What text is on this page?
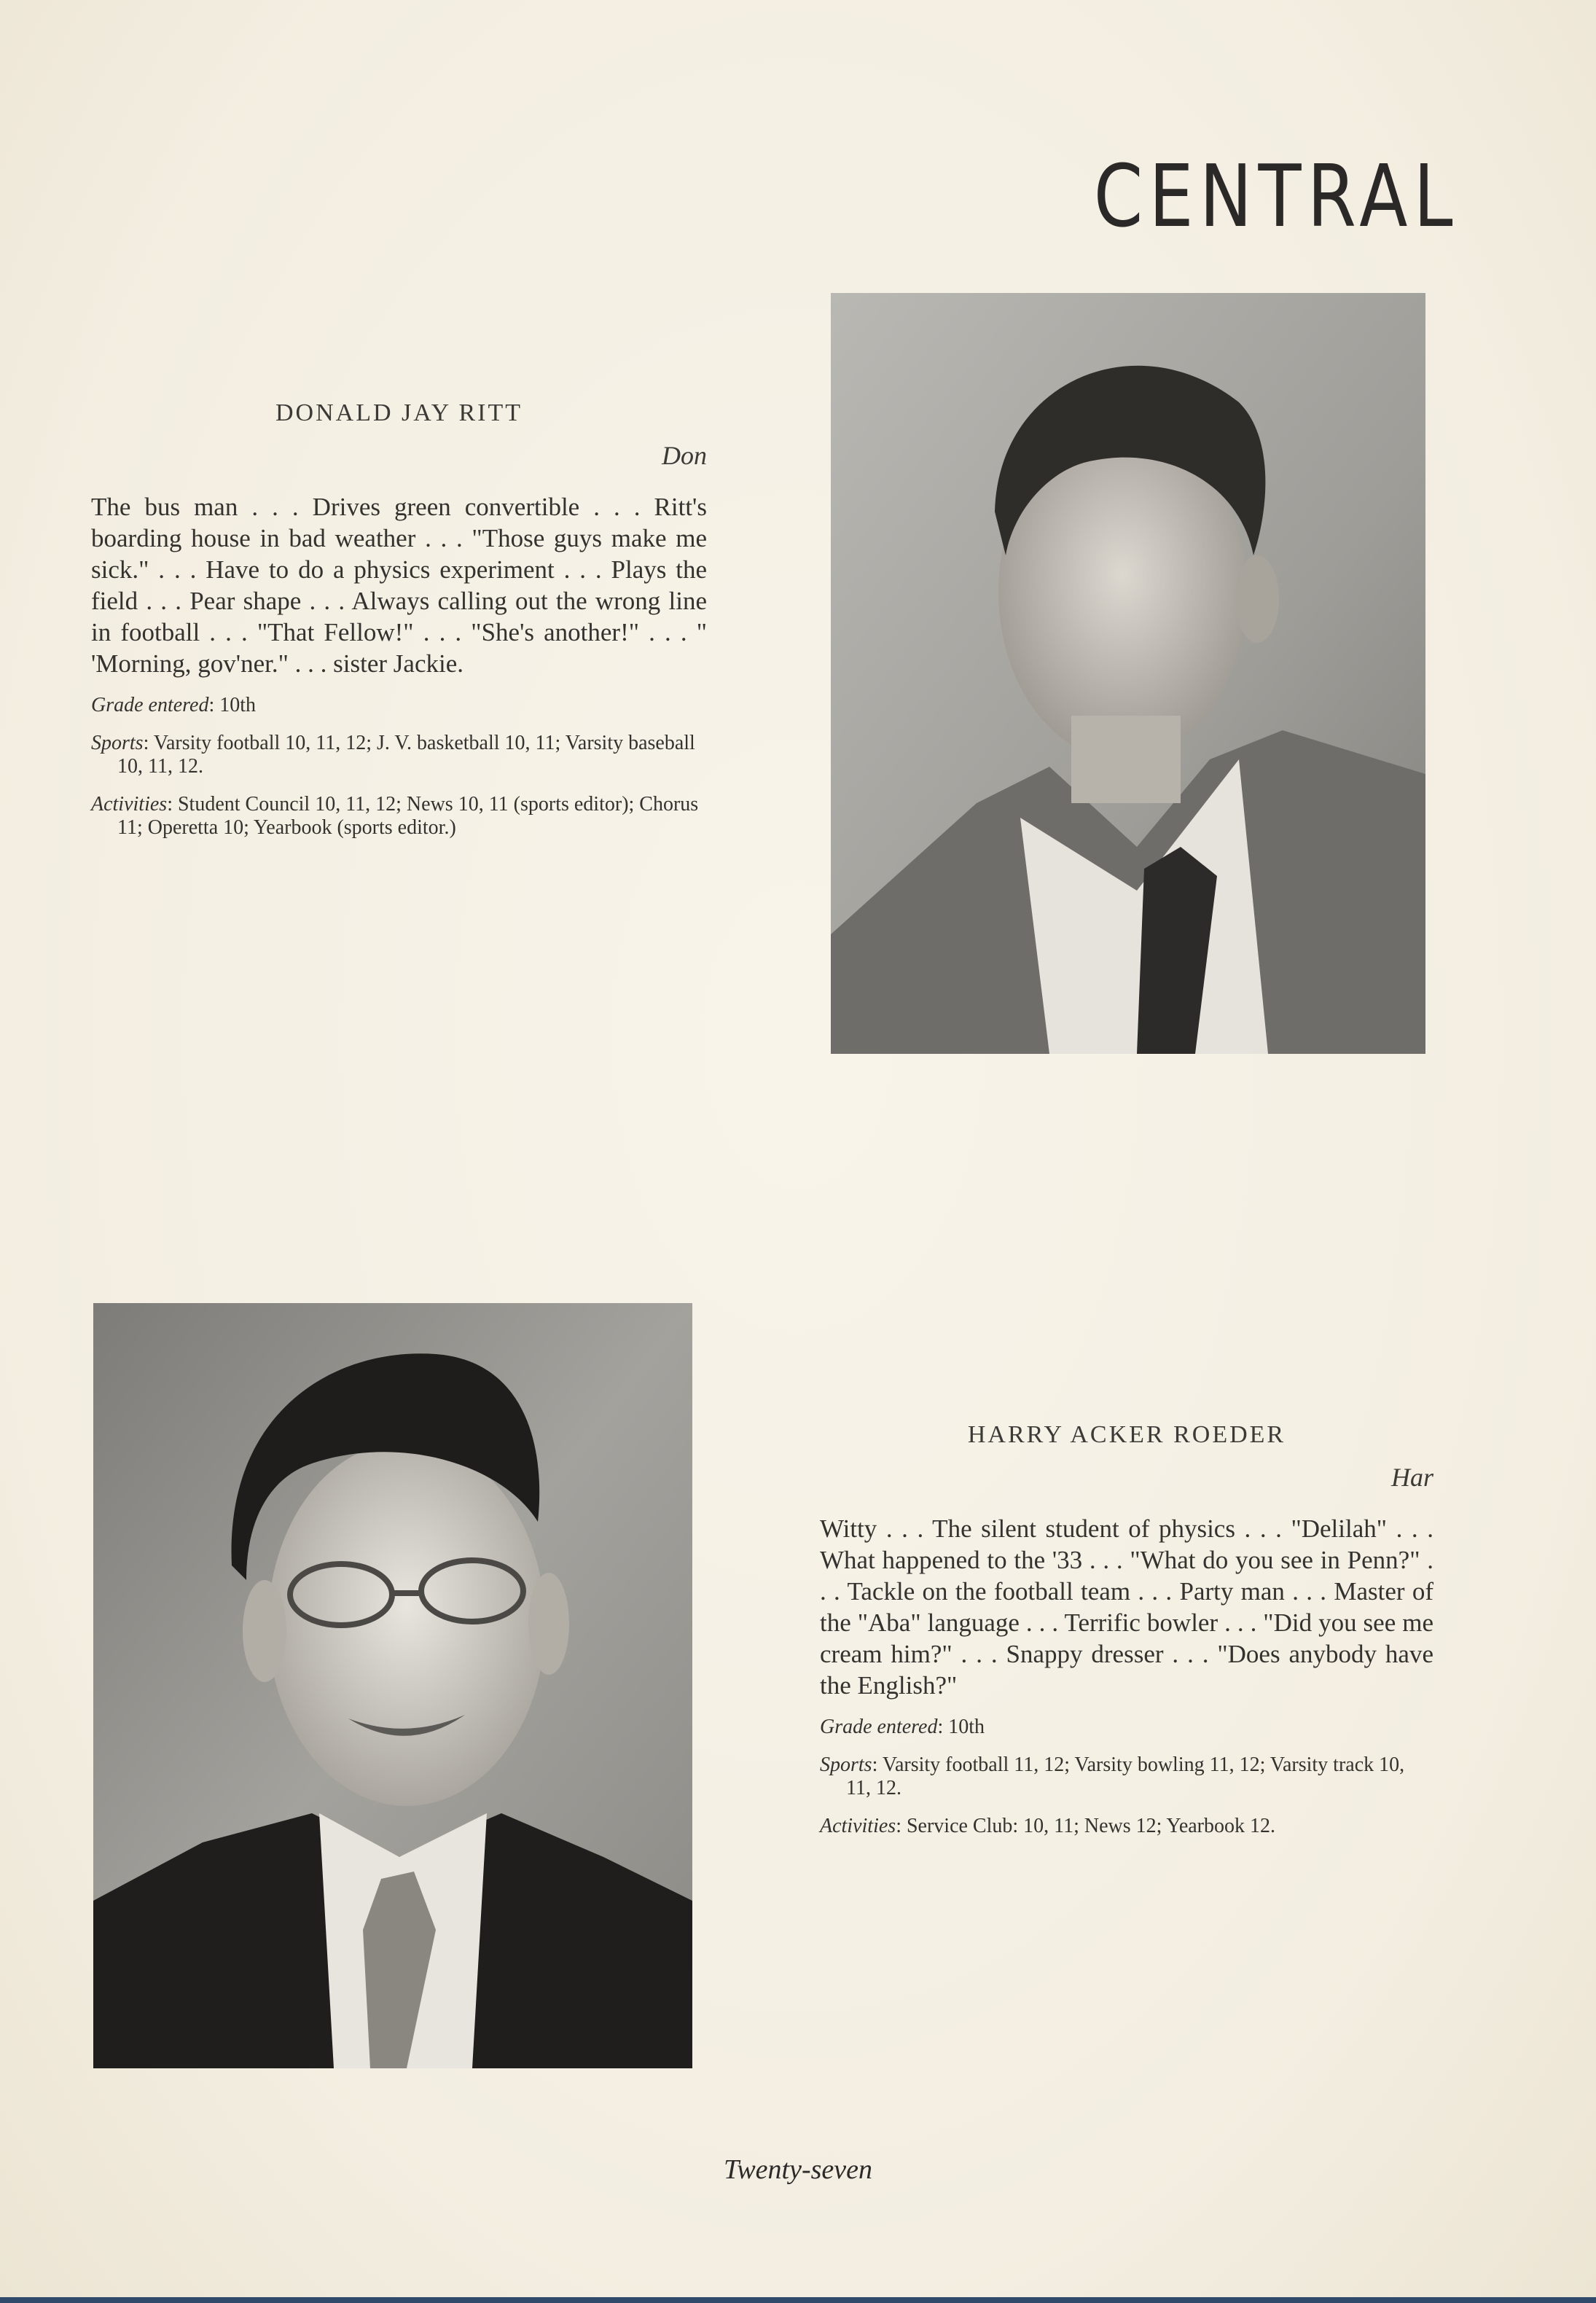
CENTRAL
DONALD JAY RITT
Don
The bus man . . . Drives green convertible . . . Ritt's boarding house in bad weather . . . "Those guys make me sick." . . . Have to do a physics experiment . . . Plays the field . . . Pear shape . . . Always calling out the wrong line in football . . . "That Fellow!" . . . "She's another!" . . . " 'Morning, gov'ner." . . . sister Jackie.
Grade entered: 10th
Sports: Varsity football 10, 11, 12; J. V. basketball 10, 11; Varsity baseball 10, 11, 12.
Activities: Student Council 10, 11, 12; News 10, 11 (sports editor); Chorus 11; Operetta 10; Yearbook (sports editor.)
HARRY ACKER ROEDER
Har
Witty . . . The silent student of physics . . . "Delilah" . . . What happened to the '33 . . . "What do you see in Penn?" . . . Tackle on the football team . . . Party man . . . Master of the "Aba" language . . . Terrific bowler . . . "Did you see me cream him?" . . . Snappy dresser . . . "Does anybody have the English?"
Grade entered: 10th
Sports: Varsity football 11, 12; Varsity bowling 11, 12; Varsity track 10, 11, 12.
Activities: Service Club: 10, 11; News 12; Yearbook 12.
Twenty-seven
